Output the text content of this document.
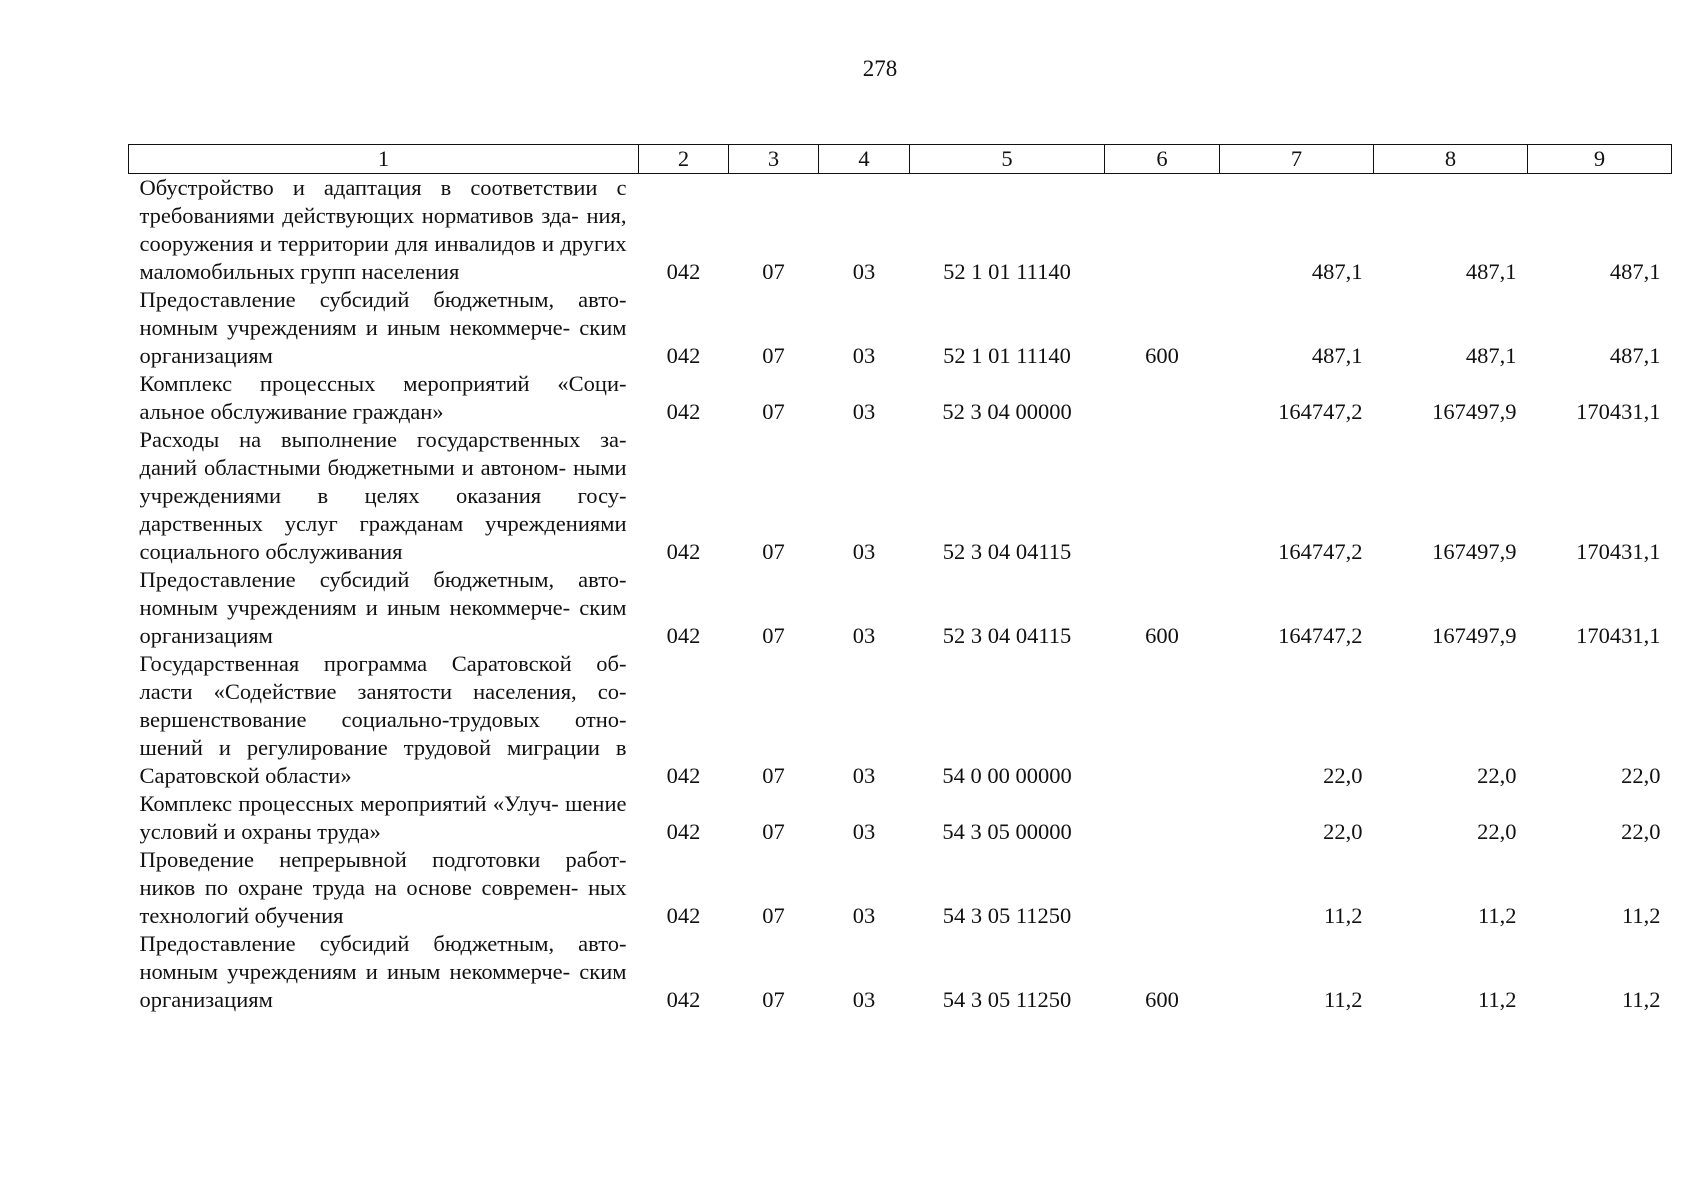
278
1	2	3	4	5	6	7	8	9
Обустройство и адаптация в соответствии с требованиями действующих нормативов зда- ния, сооружения и территории для инвалидов и других маломобильных групп населения	042	07	03	52 1 01 11140		487,1	487,1	487,1
Предоставление субсидий бюджетным, авто- номным учреждениям и иным некоммерче- ским организациям	042	07	03	52 1 01 11140	600	487,1	487,1	487,1
Комплекс процессных мероприятий «Соци- альное обслуживание граждан»	042	07	03	52 3 04 00000		164747,2	167497,9	170431,1
Расходы на выполнение государственных за- даний областными бюджетными и автоном- ными учреждениями в целях оказания госу- дарственных услуг гражданам учреждениями социального обслуживания	042	07	03	52 3 04 04115		164747,2	167497,9	170431,1
Предоставление субсидий бюджетным, авто- номным учреждениям и иным некоммерче- ским организациям	042	07	03	52 3 04 04115	600	164747,2	167497,9	170431,1
Государственная программа Саратовской об- ласти «Содействие занятости населения, со- вершенствование социально-трудовых отно- шений и регулирование трудовой миграции в Саратовской области»	042	07	03	54 0 00 00000		22,0	22,0	22,0
Комплекс процессных мероприятий «Улуч- шение условий и охраны труда»	042	07	03	54 3 05 00000		22,0	22,0	22,0
Проведение непрерывной подготовки работ- ников по охране труда на основе современ- ных технологий обучения	042	07	03	54 3 05 11250		11,2	11,2	11,2
Предоставление субсидий бюджетным, авто- номным учреждениям и иным некоммерче- ским организациям	042	07	03	54 3 05 11250	600	11,2	11,2	11,2
